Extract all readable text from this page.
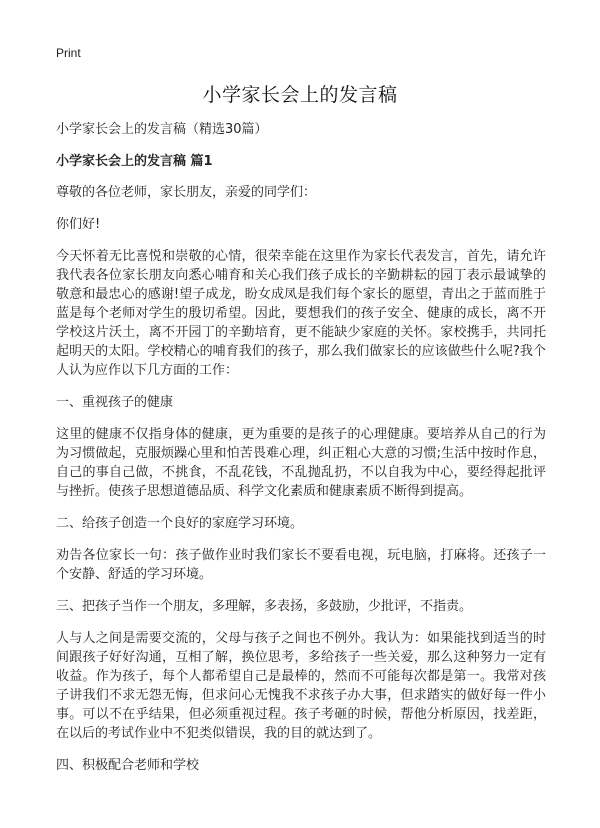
Print
小学家长会上的发言稿

小学家长会上的发言稿（精选30篇）

小学家长会上的发言稿 篇1

尊敬的各位老师，家长朋友，亲爱的同学们：

你们好!

今天怀着无比喜悦和崇敬的心情，很荣幸能在这里作为家长代表发言，首先，请允许我代表各位家长朋友向悉心哺育和关心我们孩子成长的辛勤耕耘的园丁表示最诚挚的敬意和最忠心的感谢!望子成龙，盼女成凤是我们每个家长的愿望，青出之于蓝而胜于蓝是每个老师对学生的殷切希望。因此，要想我们的孩子安全、健康的成长，离不开学校这片沃土，离不开园丁的辛勤培育，更不能缺少家庭的关怀。家校携手，共同托起明天的太阳。学校精心的哺育我们的孩子，那么我们做家长的应该做些什么呢?我个人认为应作以下几方面的工作：

一、重视孩子的健康

这里的健康不仅指身体的健康，更为重要的是孩子的心理健康。要培养从自己的行为为习惯做起，克服烦躁心里和怕苦畏难心理，纠正粗心大意的习惯;生活中按时作息，自己的事自己做，不挑食，不乱花钱，不乱抛乱扔，不以自我为中心，要经得起批评与挫折。使孩子思想道德品质、科学文化素质和健康素质不断得到提高。

二、给孩子创造一个良好的家庭学习环境。

劝告各位家长一句：孩子做作业时我们家长不要看电视，玩电脑，打麻将。还孩子一个安静、舒适的学习环境。

三、把孩子当作一个朋友，多理解，多表扬，多鼓励，少批评，不指责。

人与人之间是需要交流的，父母与孩子之间也不例外。我认为：如果能找到适当的时间跟孩子好好沟通，互相了解，换位思考，多给孩子一些关爱，那么这种努力一定有收益。作为孩子，每个人都希望自己是最棒的，然而不可能每次都是第一。我常对孩子讲我们不求无怨无悔，但求问心无愧我不求孩子办大事，但求踏实的做好每一件小事。可以不在乎结果，但必须重视过程。孩子考砸的时候，帮他分析原因，找差距，在以后的考试作业中不犯类似错误，我的目的就达到了。

四、积极配合老师和学校
